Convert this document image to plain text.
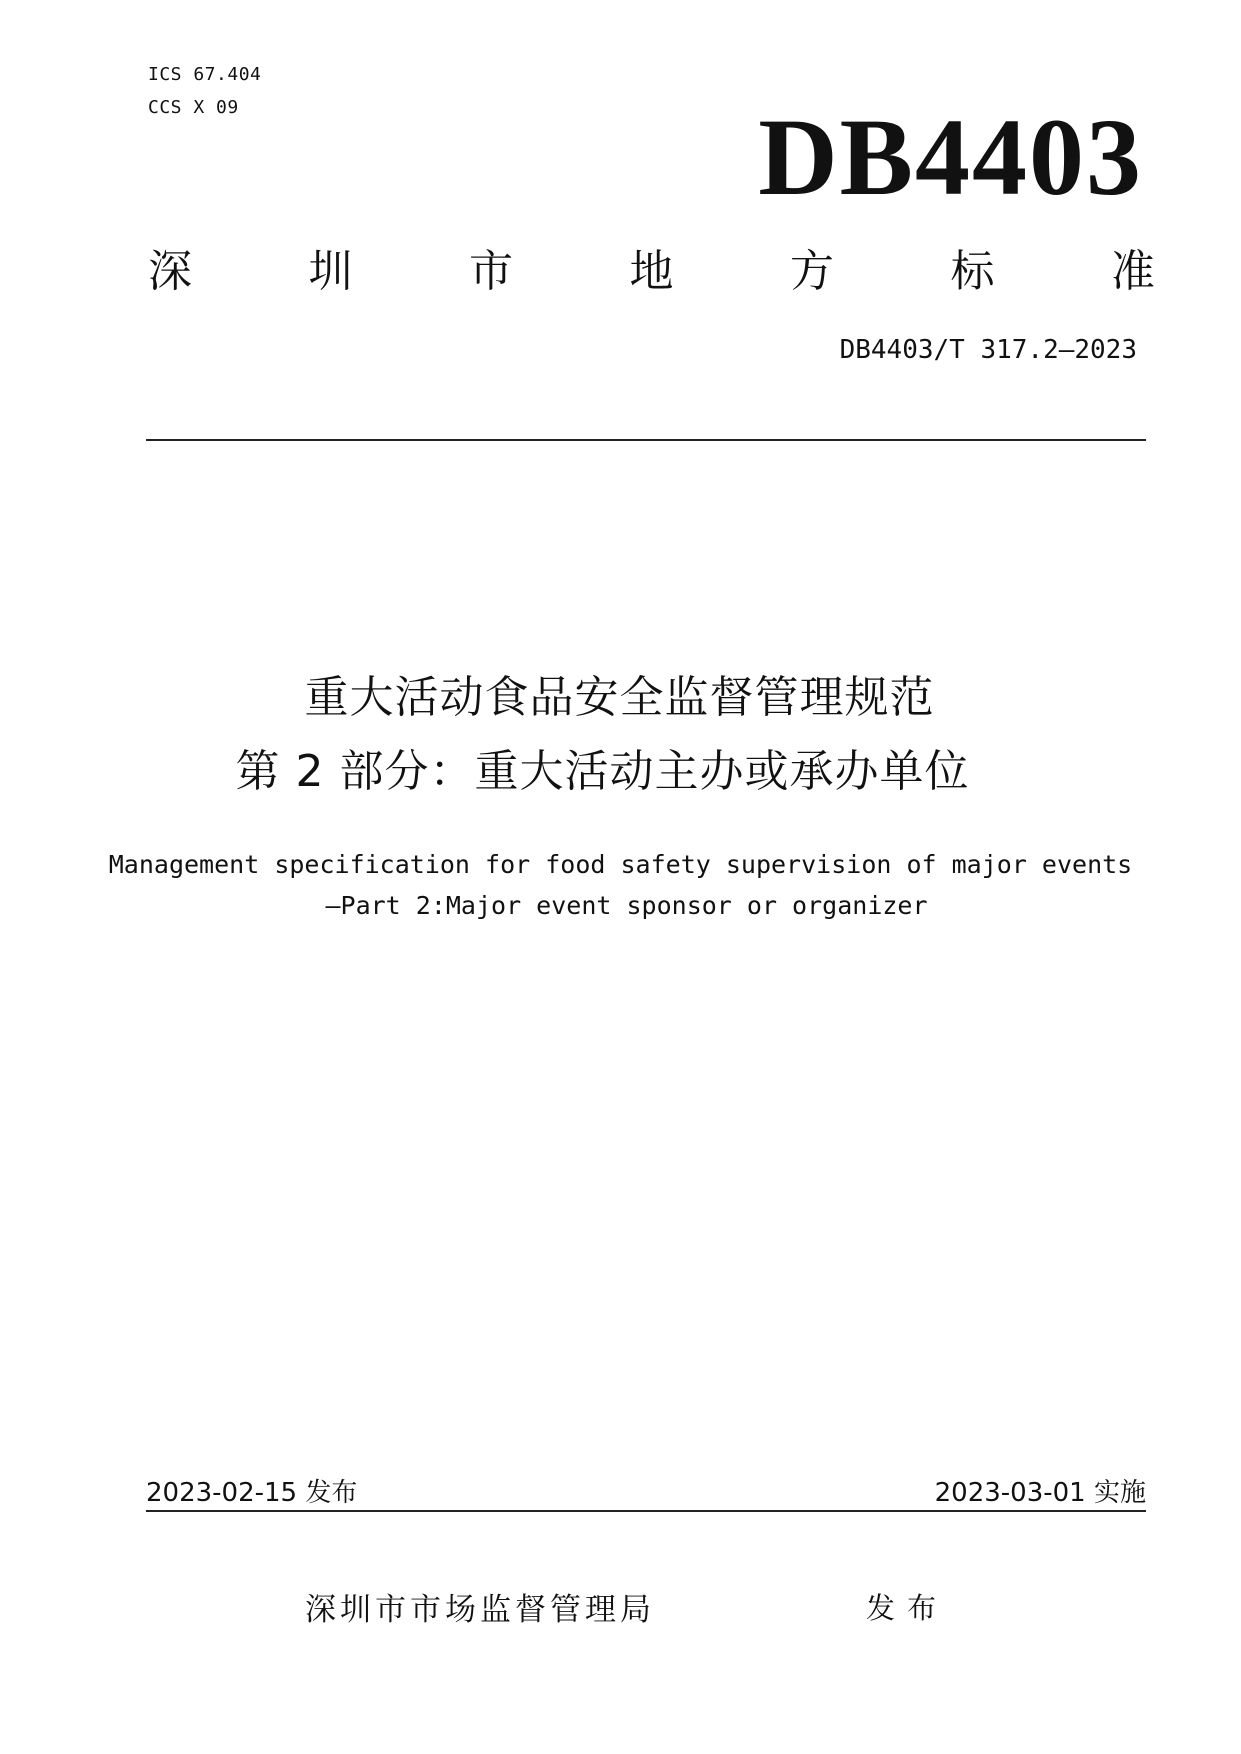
ICS 67.404
CCS X 09	DB4403
深	圳	市	地	方	标	准
DB4403/T 317.2—2023
重大活动食品安全监督管理规范
第 2 部分：重大活动主办或承办单位
Management specification for food safety supervision of major events
—Part 2:Major event sponsor or organizer
2023-02-15 发布	2023-03-01 实施
深圳市市场监督管理局	发布
